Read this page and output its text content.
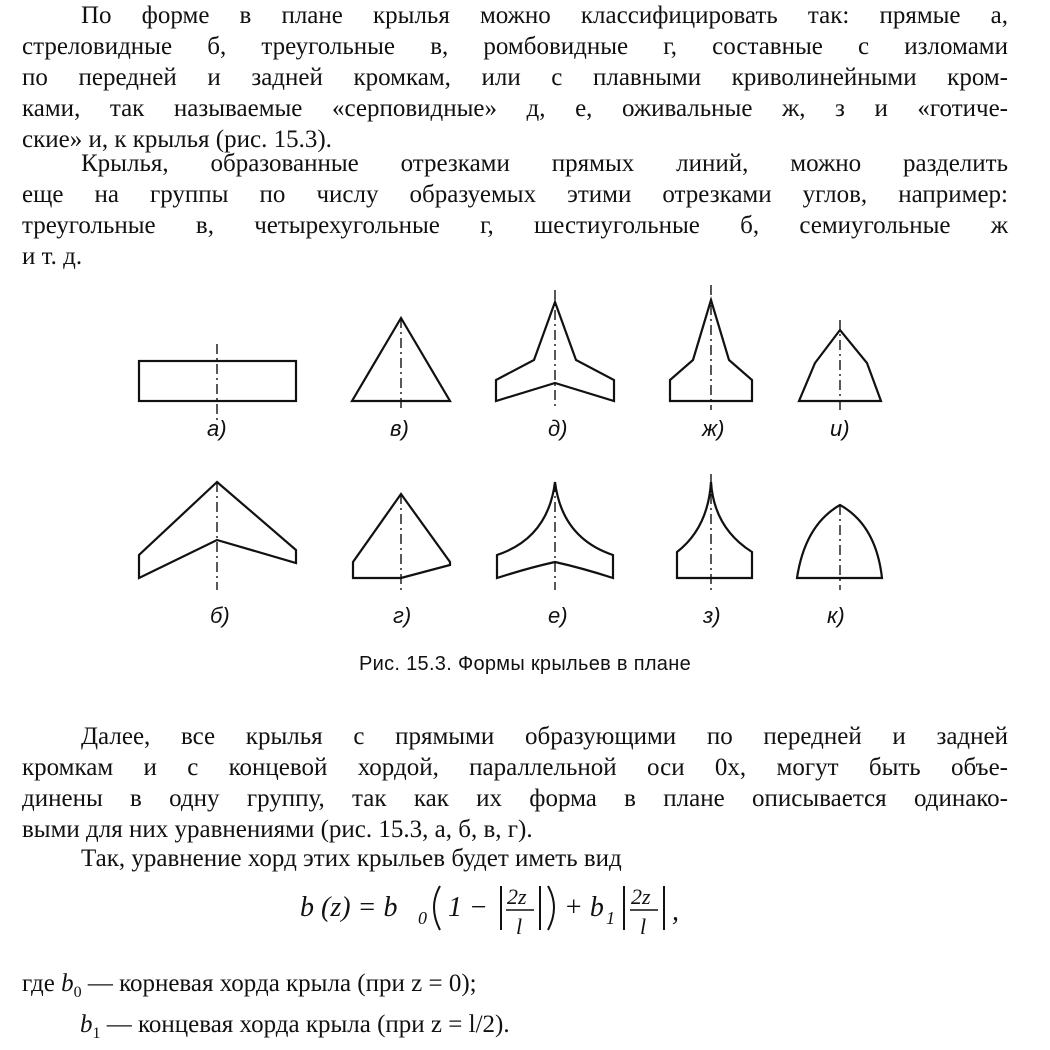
По форме в плане крылья можно классифицировать так: прямые а,
стреловидные б, треугольные в, ромбовидные г, составные с изломами
по передней и задней кромкам, или с плавными криволинейными кром-
ками, так называемые «серповидные» д, е, оживальные ж, з и «готиче-
ские» и, к крылья (рис. 15.3).
Крылья, образованные отрезками прямых линий, можно разделить
еще на группы по числу образуемых этими отрезками углов, например:
треугольные в, четырехугольные г, шестиугольные б, семиугольные ж
и т. д.
а)	в)	д)	ж)	и)
б)	г)	е)	з)	к)
Рис. 15.3. Формы крыльев в плане
Далее, все крылья с прямыми образующими по передней и задней
кромкам и с концевой хордой, параллельной оси 0x, могут быть объе-
динены в одну группу, так как их форма в плане описывается одинако-
выми для них уравнениями (рис. 15.3, а, б, в, г).
Так, уравнение хорд этих крыльев будет иметь вид
b (z) = b 0 1 − 2z
l
+ b 1
2z
l ,
где $b_0$ — корневая хорда крыла (при z = 0);
$b_1$ — концевая хорда крыла (при z = l/2).
